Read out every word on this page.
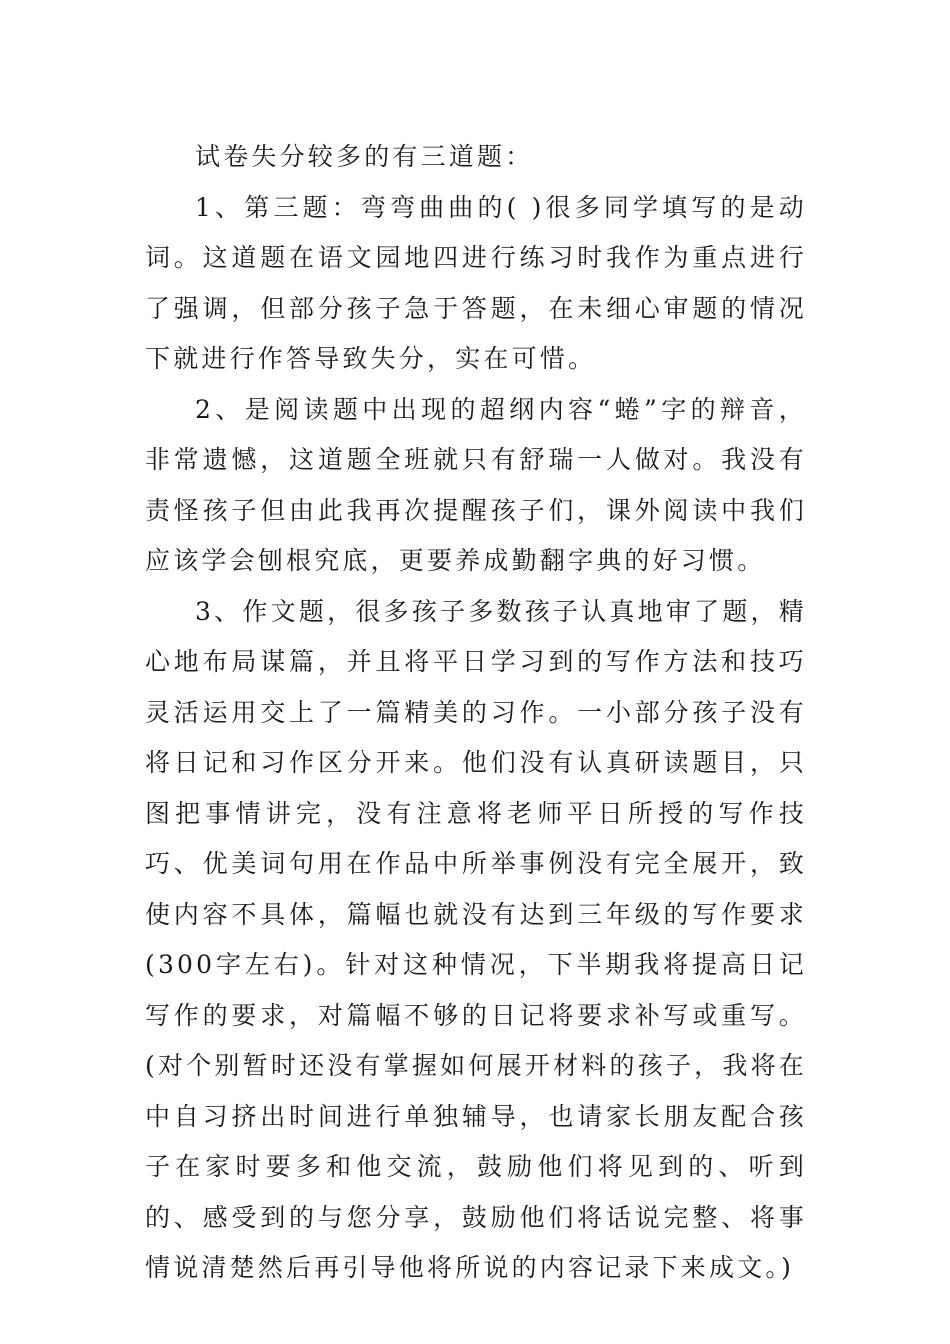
试卷失分较多的有三道题：

1、第三题：弯弯曲曲的( )很多同学填写的是动词。这道题在语文园地四进行练习时我作为重点进行了强调，但部分孩子急于答题，在未细心审题的情况下就进行作答导致失分，实在可惜。

2、是阅读题中出现的超纲内容“蜷”字的辩音，非常遗憾，这道题全班就只有舒瑞一人做对。我没有责怪孩子但由此我再次提醒孩子们，课外阅读中我们应该学会刨根究底，更要养成勤翻字典的好习惯。

3、作文题，很多孩子多数孩子认真地审了题，精心地布局谋篇，并且将平日学习到的写作方法和技巧灵活运用交上了一篇精美的习作。一小部分孩子没有将日记和习作区分开来。他们没有认真研读题目，只图把事情讲完，没有注意将老师平日所授的写作技巧、优美词句用在作品中所举事例没有完全展开，致使内容不具体，篇幅也就没有达到三年级的写作要求(300字左右)。针对这种情况，下半期我将提高日记写作的要求，对篇幅不够的日记将要求补写或重写。(对个别暂时还没有掌握如何展开材料的孩子，我将在中自习挤出时间进行单独辅导，也请家长朋友配合孩子在家时要多和他交流，鼓励他们将见到的、听到的、感受到的与您分享，鼓励他们将话说完整、将事情说清楚然后再引导他将所说的内容记录下来成文。)
